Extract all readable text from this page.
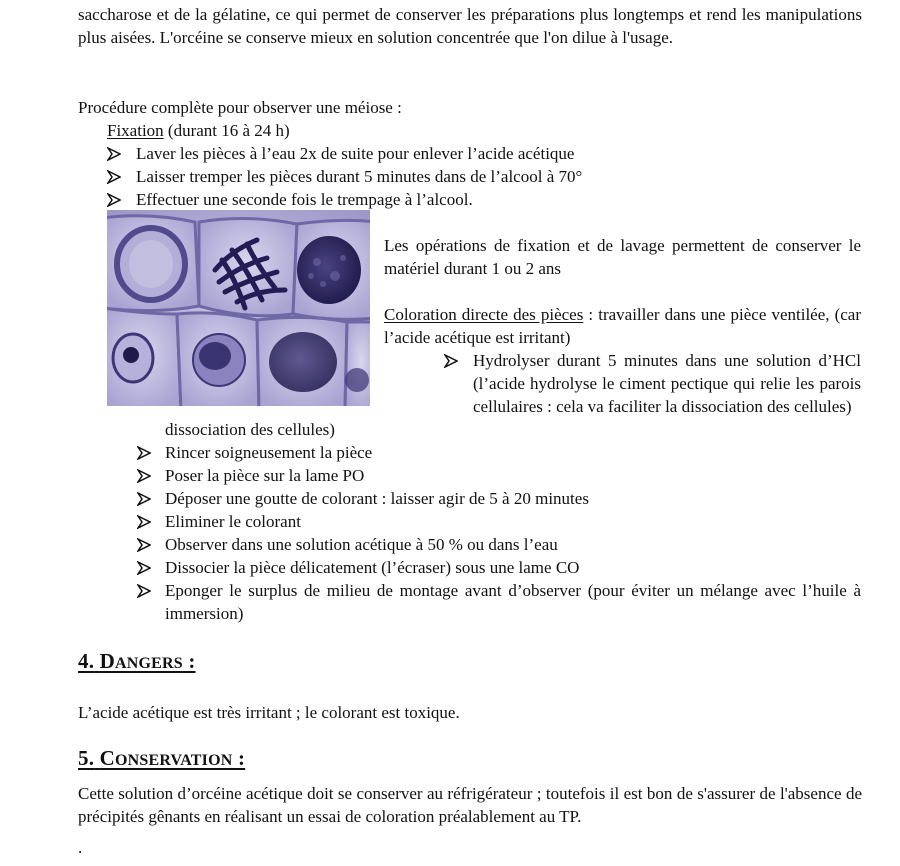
saccharose et de la gélatine, ce qui permet de conserver les préparations plus longtemps et rend les manipulations plus aisées. L'orcéine se conserve mieux en solution concentrée que l'on dilue à l'usage.
Procédure complète pour observer une méiose :
Fixation (durant 16 à 24 h)
Laver les pièces à l’eau 2x de suite pour enlever l’acide acétique
Laisser tremper les pièces durant 5 minutes dans de l’alcool à 70°
Effectuer une seconde fois le trempage à l’alcool.
Les opérations de fixation et de lavage permettent de conserver le matériel durant 1 ou 2 ans
Coloration directe des pièces : travailler dans une pièce ventilée, (car l’acide acétique est irritant)
Hydrolyser durant 5 minutes dans une solution d’HCl (l’acide hydrolyse le ciment pectique qui relie les parois cellulaires : cela va faciliter la dissociation des cellules)
dissociation des cellules)
Rincer soigneusement la pièce
Poser la pièce sur la lame PO
Déposer une goutte de colorant : laisser agir de 5 à 20 minutes
Eliminer le colorant
Observer dans une solution acétique à 50 % ou dans l’eau
Dissocier la pièce délicatement (l’écraser) sous une lame CO
Eponger le surplus de milieu de montage avant d’observer (pour éviter un mélange avec l’huile à immersion)
4. DANGERS :
L’acide acétique est très irritant ; le colorant est toxique.
5. CONSERVATION :
Cette solution d’orcéine acétique doit se conserver au réfrigérateur ; toutefois il est bon de s'assurer de l'absence de précipités gênants en réalisant un essai de coloration préalablement au TP.
.
